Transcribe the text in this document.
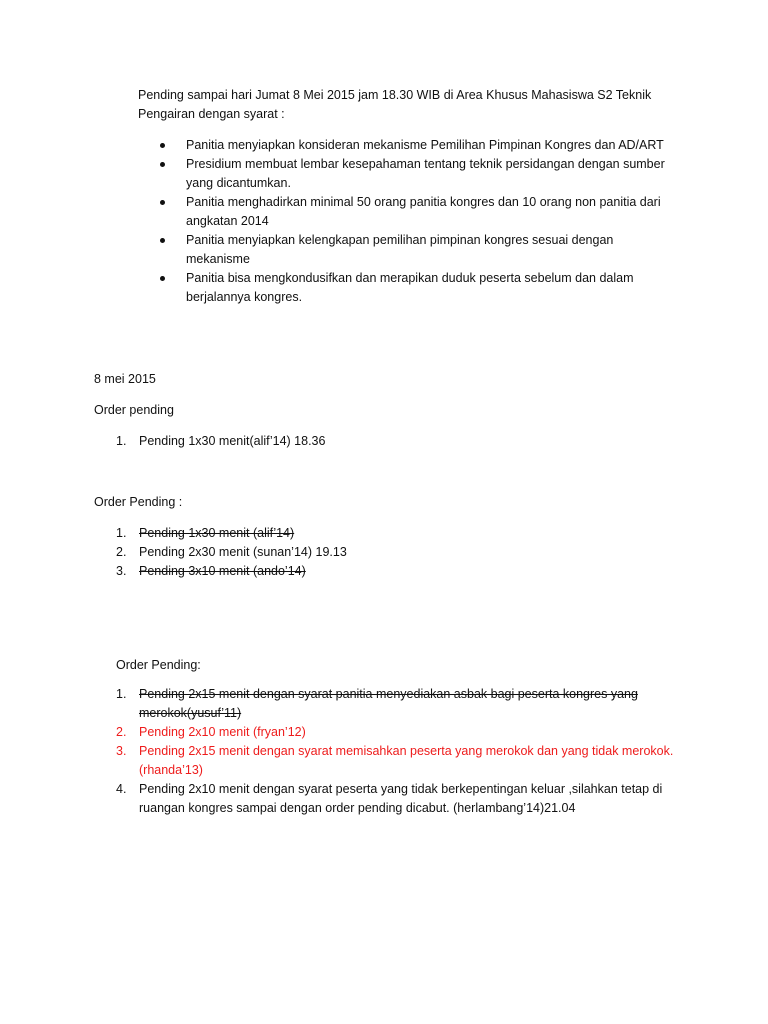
Pending sampai hari Jumat 8 Mei 2015 jam 18.30 WIB di Area Khusus Mahasiswa S2 Teknik Pengairan dengan syarat :

Panitia menyiapkan konsideran mekanisme Pemilihan Pimpinan Kongres dan AD/ART
Presidium membuat lembar kesepahaman tentang teknik persidangan dengan sumber yang dicantumkan.
Panitia menghadirkan minimal 50 orang panitia kongres dan 10 orang non panitia dari angkatan 2014
Panitia menyiapkan kelengkapan pemilihan pimpinan kongres sesuai dengan mekanisme
Panitia bisa mengkondusifkan dan merapikan duduk peserta sebelum dan dalam berjalannya kongres.

8 mei 2015

Order pending

1. Pending 1x30 menit(alif’14) 18.36

Order Pending :

1. Pending 1x30 menit (alif’14)
2. Pending 2x30 menit (sunan’14) 19.13
3. Pending 3x10 menit (ando’14)

Order Pending:

1. Pending 2x15 menit dengan syarat panitia menyediakan asbak bagi peserta kongres yang merokok(yusuf’11)
2. Pending 2x10 menit (fryan’12)
3. Pending 2x15 menit dengan syarat memisahkan peserta yang merokok dan yang tidak merokok. (rhanda’13)
4. Pending 2x10 menit dengan syarat peserta yang tidak berkepentingan keluar ,silahkan tetap di ruangan kongres sampai dengan order pending dicabut. (herlambang’14)21.04
